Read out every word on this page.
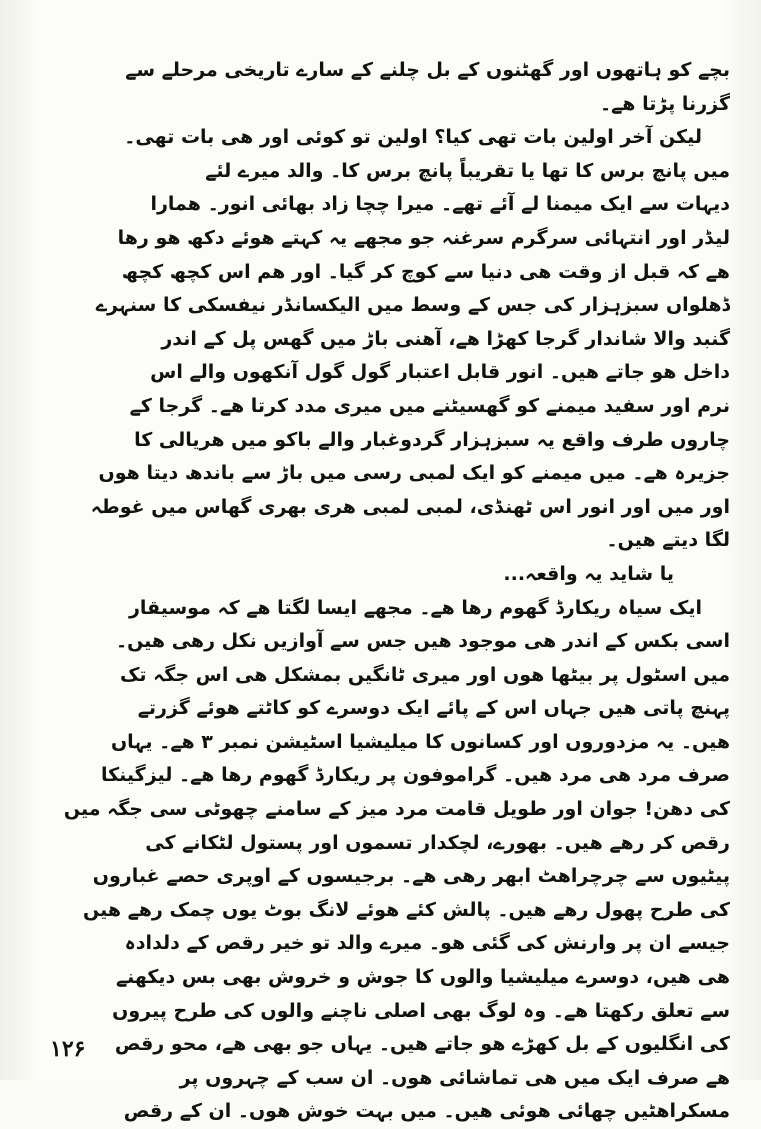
بچے کو ہاتھوں اور گھٹنوں کے بل چلنے کے سارے تاریخی مرحلے سے
گزرنا پڑتا ھے۔
لیکن آخر اولین بات تھی کیا؟ اولین تو کوئی اور ھی بات تھی۔
میں پانچ برس کا تھا یا تقریباً پانچ برس کا۔ والد میرے لئے
دیہات سے ایک میمنا لے آئے تھے۔ میرا چچا زاد بھائی انور۔ ھمارا
لیڈر اور انتہائی سرگرم سرغنہ جو مجھے یہ کہتے ھوئے دکھ ھو رھا
ھے کہ قبل از وقت ھی دنیا سے کوچ کر گیا۔ اور ھم اس کچھ کچھ
ڈھلواں سبزہزار کی جس کے وسط میں الیکسانڈر نیفسکی کا سنہرے
گنبد والا شاندار گرجا کھڑا ھے، آھنی باڑ میں گھس پل کے اندر
داخل ھو جاتے ھیں۔ انور قابل اعتبار گول گول آنکھوں والے اس
نرم اور سفید میمنے کو گھسیٹنے میں میری مدد کرتا ھے۔ گرجا کے
چاروں طرف واقع یہ سبزہزار گردوغبار والے باکو میں ھریالی کا
جزیرہ ھے۔ میں میمنے کو ایک لمبی رسی میں باڑ سے باندھ دیتا ھوں
اور میں اور انور اس ٹھنڈی، لمبی لمبی ھری بھری گھاس میں غوطہ
لگا دیتے ھیں۔
یا شاید یہ واقعہ...
ایک سیاہ ریکارڈ گھوم رھا ھے۔ مجھے ایسا لگتا ھے کہ موسیقار
اسی بکس کے اندر ھی موجود ھیں جس سے آوازیں نکل رھی ھیں۔
میں اسٹول پر بیٹھا ھوں اور میری ٹانگیں بمشکل ھی اس جگہ تک
پہنچ پاتی ھیں جہاں اس کے پائے ایک دوسرے کو کاٹتے ھوئے گزرتے
ھیں۔ یہ مزدوروں اور کسانوں کا میلیشیا اسٹیشن نمبر ۳ ھے۔ یہاں
صرف مرد ھی مرد ھیں۔ گراموفون پر ریکارڈ گھوم رھا ھے۔ لیزگینکا
کی دھن! جوان اور طویل قامت مرد میز کے سامنے چھوٹی سی جگہ میں
رقص کر رھے ھیں۔ بھورے، لچکدار تسموں اور پستول لٹکانے کی
پیٹیوں سے چرچراھٹ ابھر رھی ھے۔ برجیسوں کے اوپری حصے غباروں
کی طرح پھول رھے ھیں۔ پالش کئے ھوئے لانگ بوٹ یوں چمک رھے ھیں
جیسے ان پر وارنش کی گئی ھو۔ میرے والد تو خیر رقص کے دلدادہ
ھی ھیں، دوسرے میلیشیا والوں کا جوش و خروش بھی بس دیکھنے
سے تعلق رکھتا ھے۔ وہ لوگ بھی اصلی ناچنے والوں کی طرح پیروں
کی انگلیوں کے بل کھڑے ھو جاتے ھیں۔ یہاں جو بھی ھے، محو رقص
ھے صرف ایک میں ھی تماشائی ھوں۔ ان سب کے چہروں پر
مسکراھٹیں چھائی ھوئی ھیں۔ میں بہت خوش ھوں۔ ان کے رقص
۱۲۶
